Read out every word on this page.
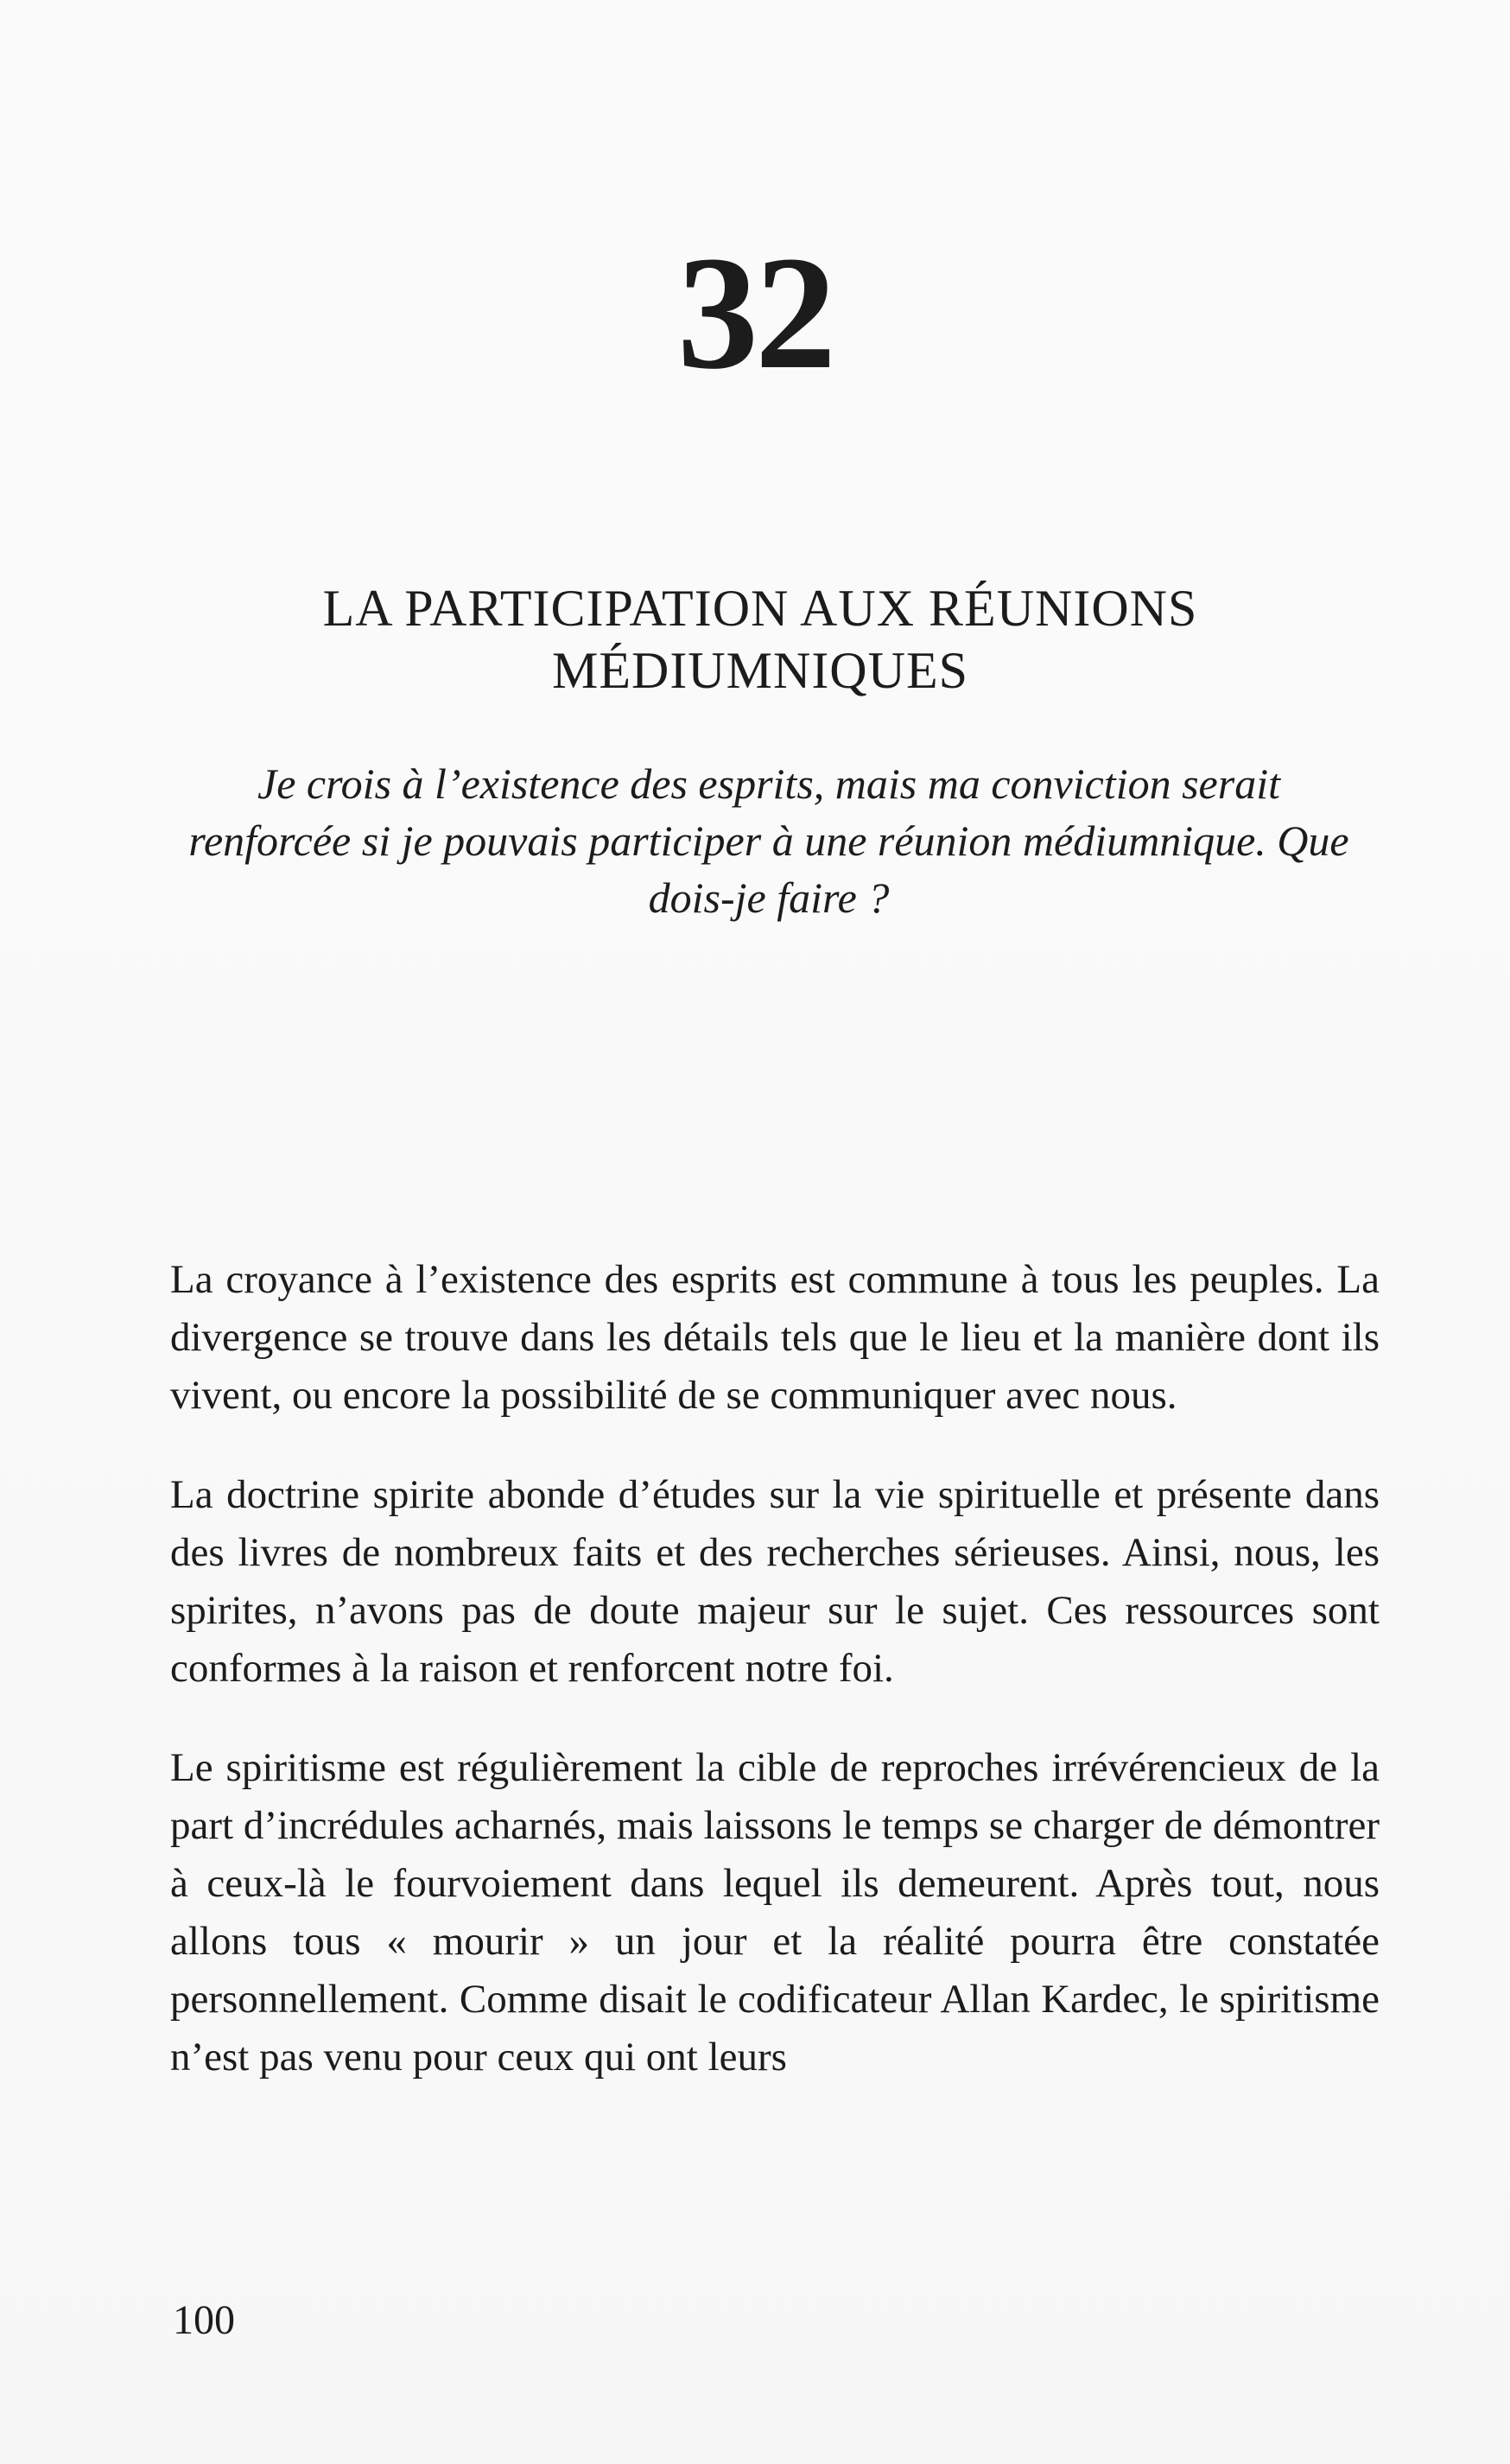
32
LA PARTICIPATION AUX RÉUNIONS
MÉDIUMNIQUES
Je crois à l’existence des esprits, mais ma conviction serait renforcée si je pouvais participer à une réunion médiumnique. Que dois-je faire ?

La croyance à l’existence des esprits est commune à tous les peuples. La divergence se trouve dans les détails tels que le lieu et la manière dont ils vivent, ou encore la possibilité de se communiquer avec nous.

La doctrine spirite abonde d’études sur la vie spirituelle et présente dans des livres de nombreux faits et des recherches sérieuses. Ainsi, nous, les spirites, n’avons pas de doute majeur sur le sujet. Ces ressources sont conformes à la raison et renforcent notre foi.

Le spiritisme est régulièrement la cible de reproches irrévérencieux de la part d’incrédules acharnés, mais laissons le temps se charger de démontrer à ceux-là le fourvoiement dans lequel ils demeurent. Après tout, nous allons tous « mourir » un jour et la réalité pourra être constatée personnellement. Comme disait le codificateur Allan Kardec, le spiritisme n’est pas venu pour ceux qui ont leurs

100
